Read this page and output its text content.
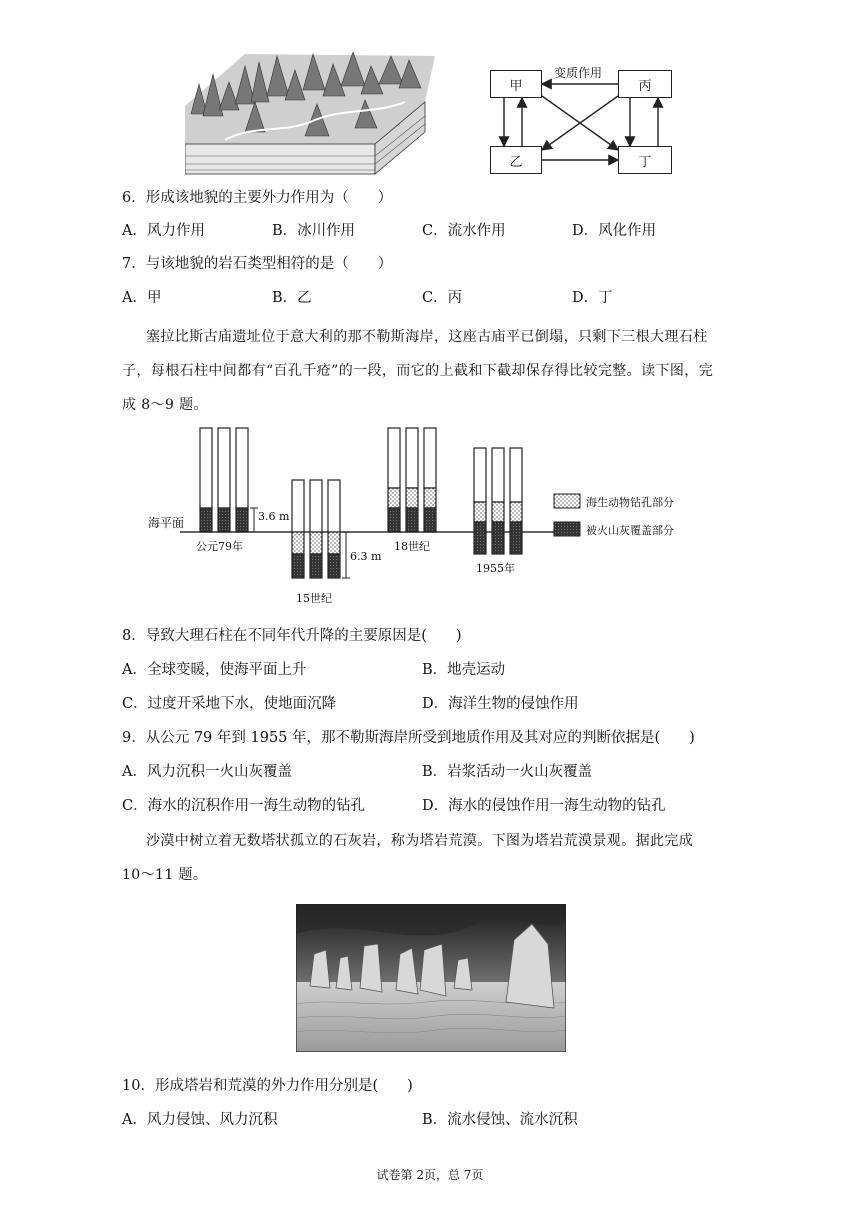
甲	丙
乙	丁
变质作用
6．形成该地貌的主要外力作用为（　　）
A．风力作用	B．冰川作用	C．流水作用	D．风化作用
7．与该地貌的岩石类型相符的是（　　）
A．甲	B．乙	C．丙	D．丁
塞拉比斯古庙遗址位于意大利的那不勒斯海岸，这座古庙平已倒塌，只剩下三根大理石柱
子，每根石柱中间都有“百孔千疮”的一段，而它的上截和下截却保存得比较完整。读下图，完
成 8～9 题。
海平面	3.6 m
6.3 m
公元79年
15世纪
18世纪
1955年
海生动物钻孔部分
被火山灰覆盖部分
8．导致大理石柱在不同年代升降的主要原因是(　　)
A．全球变暖，使海平面上升	B．地壳运动
C．过度开采地下水，使地面沉降	D．海洋生物的侵蚀作用
9．从公元 79 年到 1955 年，那不勒斯海岸所受到地质作用及其对应的判断依据是(　　)
A．风力沉积一火山灰覆盖	B．岩浆活动一火山灰覆盖
C．海水的沉积作用一海生动物的钻孔	D．海水的侵蚀作用一海生动物的钻孔
沙漠中树立着无数塔状孤立的石灰岩，称为塔岩荒漠。下图为塔岩荒漠景观。据此完成
10～11 题。
10．形成塔岩和荒漠的外力作用分别是(　　)
A．风力侵蚀、风力沉积	B．流水侵蚀、流水沉积
试卷第 2页，总 7页
